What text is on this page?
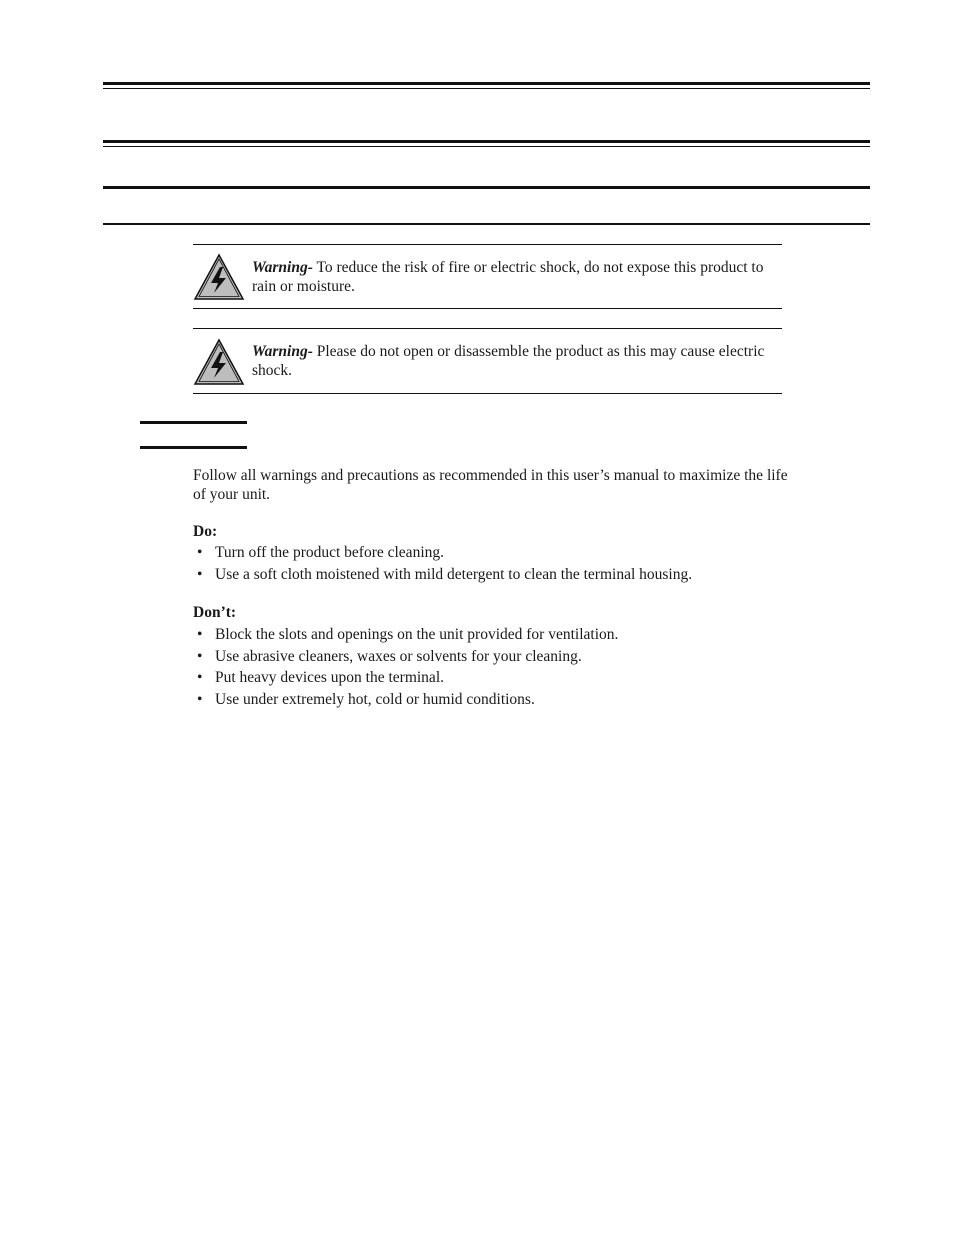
Warning- To reduce the risk of fire or electric shock, do not expose this product to rain or moisture.
Warning- Please do not open or disassemble the product as this may cause electric shock.
Follow all warnings and precautions as recommended in this user’s manual to maximize the life of your unit.
Do:
• Turn off the product before cleaning.
• Use a soft cloth moistened with mild detergent to clean the terminal housing.
Don’t:
• Block the slots and openings on the unit provided for ventilation.
• Use abrasive cleaners, waxes or solvents for your cleaning.
• Put heavy devices upon the terminal.
• Use under extremely hot, cold or humid conditions.
